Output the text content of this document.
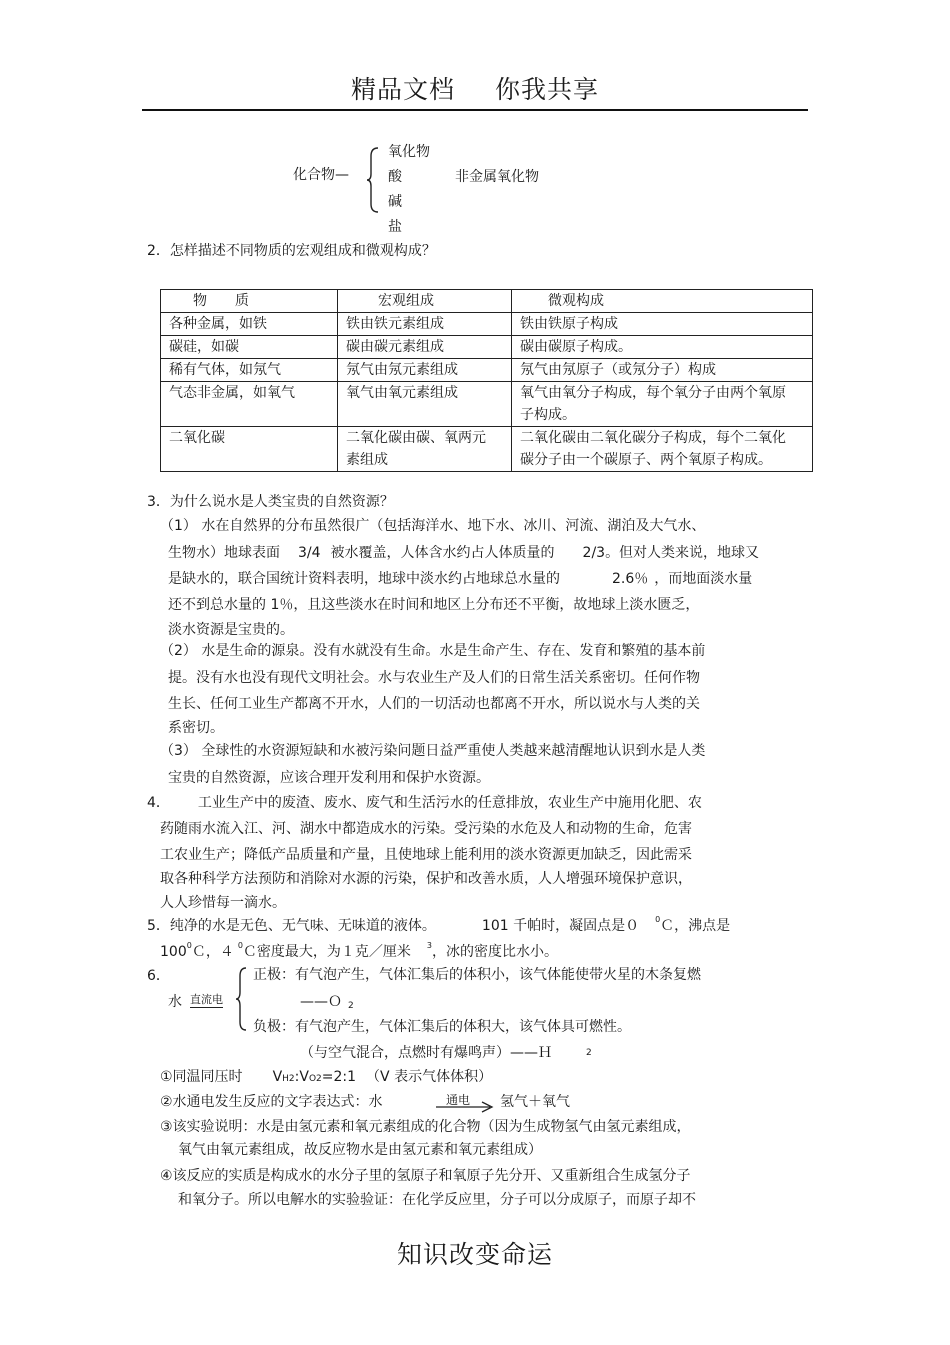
精品文档 你我共享
化合物—
氧化物
酸
碱
盐
非金属氧化物
2．怎样描述不同物质的宏观组成和微观构成？
物　　质	宏观组成	微观构成
各种金属，如铁	铁由铁元素组成	铁由铁原子构成
碳硅，如碳	碳由碳元素组成	碳由碳原子构成。
稀有气体，如氖气	氖气由氖元素组成	氖气由氖原子（或氖分子）构成
气态非金属，如氧气	氧气由氧元素组成	氧气由氧分子构成，每个氧分子由两个氧原子构成。
二氧化碳	二氧化碳由碳、氧两元素组成	二氧化碳由二氧化碳分子构成，每个二氧化碳分子由一个碳原子、两个氧原子构成。
3．为什么说水是人类宝贵的自然资源？
（1） 水在自然界的分布虽然很广（包括海洋水、地下水、冰川、河流、湖泊及大气水、
生物水）地球表面 3/4 被水覆盖，人体含水约占人体质量的 2/3。但对人类来说，地球又
是缺水的，联合国统计资料表明，地球中淡水约占地球总水量的	2.6％ ，而地面淡水量
还不到总水量的 1％，且这些淡水在时间和地区上分布还不平衡，故地球上淡水匮乏，
淡水资源是宝贵的。
（2） 水是生命的源泉。没有水就没有生命。水是生命产生、存在、发育和繁殖的基本前
提。没有水也没有现代文明社会。水与农业生产及人们的日常生活关系密切。任何作物
生长、任何工业生产都离不开水，人们的一切活动也都离不开水，所以说水与人类的关
系密切。
（3） 全球性的水资源短缺和水被污染问题日益严重使人类越来越清醒地认识到水是人类
宝贵的自然资源，应该合理开发利用和保护水资源。
4． 工业生产中的废渣、废水、废气和生活污水的任意排放，农业生产中施用化肥、农
药随雨水流入江、河、湖水中都造成水的污染。受污染的水危及人和动物的生命，危害
工农业生产；降低产品质量和产量，且使地球上能利用的淡水资源更加缺乏，因此需采
取各种科学方法预防和消除对水源的污染，保护和改善水质，人人增强环境保护意识，
人人珍惜每一滴水。
5．纯净的水是无色、无气味、无味道的液体。	101 千帕时，凝固点是０ $^0$Ｃ，沸点是
$100^0C$，４ $^0$Ｃ密度最大，为１克／厘米 $^3$，冰的密度比水小。
6．
水 直流电
正极：有气泡产生，气体汇集后的体积小，该气体能使带火星的木条复燃
——Ｏ 2
负极：有气泡产生，气体汇集后的体积大，该气体具可燃性。
（与空气混合，点燃时有爆鸣声）——Ｈ	2
①同温同压时 VH2:VO2=2:1 （V 表示气体体积）
②水通电发生反应的文字表达式：水	通电 氢气＋氧气
③该实验说明：水是由氢元素和氧元素组成的化合物（因为生成物氢气由氢元素组成，
氧气由氧元素组成，故反应物水是由氢元素和氧元素组成）
④该反应的实质是构成水的水分子里的氢原子和氧原子先分开、又重新组合生成氢分子
和氧分子。所以电解水的实验验证：在化学反应里，分子可以分成原子，而原子却不
知识改变命运
